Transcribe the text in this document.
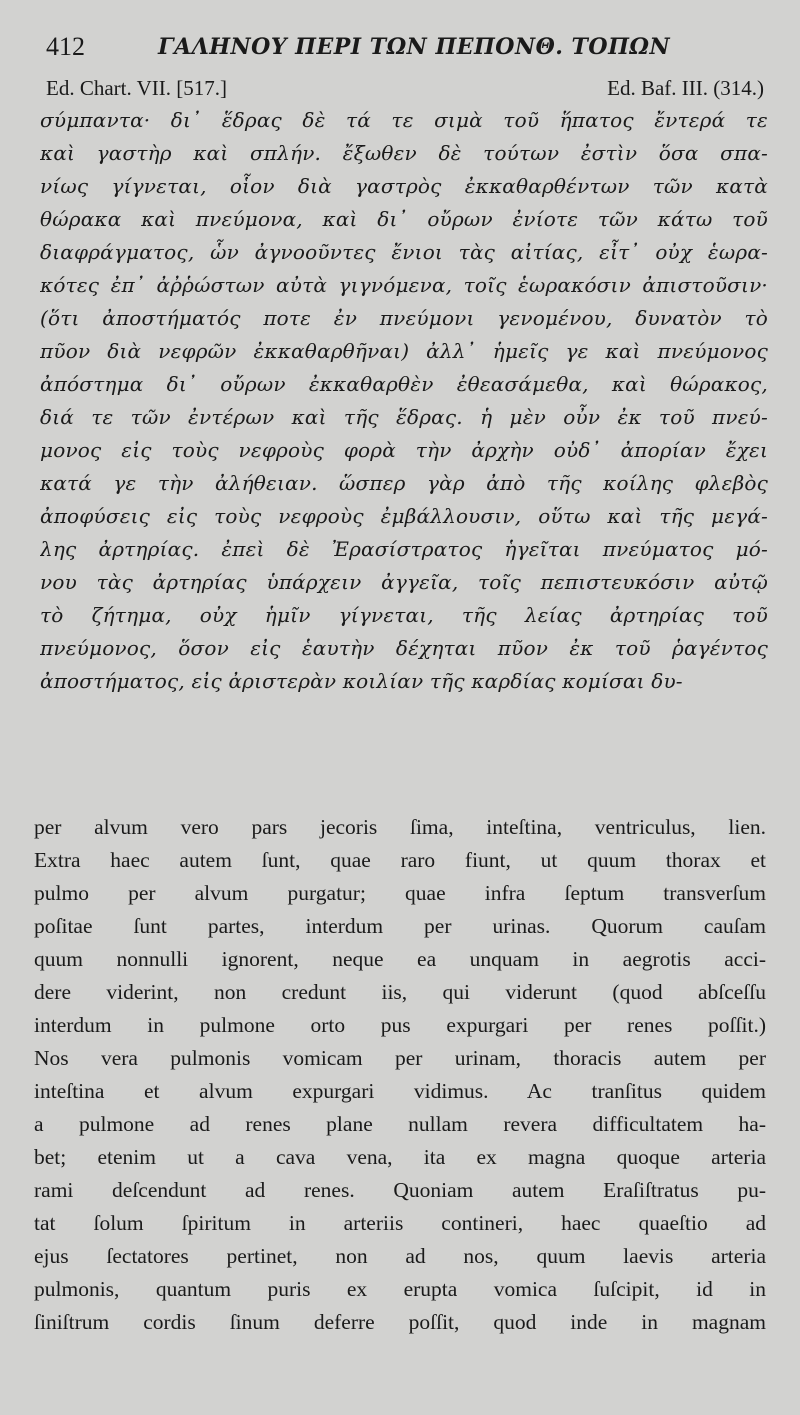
412	ΓΑΛΗΝΟΥ ΠΕΡΙ ΤΩΝ ΠΕΠΟΝΘ. ΤΟΠΩΝ
Ed. Chart. VII. [517.]	Ed. Baf. III. (314.)
σύμπαντα· δι᾿ ἕδρας δὲ τά τε σιμὰ τοῦ ἥπατος ἔντερά τε
καὶ γαστὴρ καὶ σπλήν. ἔξωθεν δὲ τούτων ἐστὶν ὅσα σπα-
νίως γίγνεται, οἷον διὰ γαστρὸς ἐκκαθαρθέντων τῶν κατὰ
θώρακα καὶ πνεύμονα, καὶ δι᾿ οὔρων ἐνίοτε τῶν κάτω τοῦ
διαφράγματος, ὧν ἀγνοοῦντες ἔνιοι τὰς αἰτίας, εἶτ᾿ οὐχ ἑωρα-
κότες ἐπ᾿ ἀῤῥώστων αὐτὰ γιγνόμενα, τοῖς ἑωρακόσιν ἀπιστοῦσιν·
(ὅτι ἀποστήματός ποτε ἐν πνεύμονι γενομένου, δυνατὸν τὸ
πῦον διὰ νεφρῶν ἐκκαθαρθῆναι) ἀλλ᾿ ἡμεῖς γε καὶ πνεύμονος
ἀπόστημα δι᾿ οὔρων ἐκκαθαρθὲν ἐθεασάμεθα, καὶ θώρακος,
διά τε τῶν ἐντέρων καὶ τῆς ἕδρας. ἡ μὲν οὖν ἐκ τοῦ πνεύ-
μονος εἰς τοὺς νεφροὺς φορὰ τὴν ἀρχὴν οὐδ᾿ ἀπορίαν ἔχει
κατά γε τὴν ἀλήθειαν. ὥσπερ γὰρ ἀπὸ τῆς κοίλης φλεβὸς
ἀποφύσεις εἰς τοὺς νεφροὺς ἐμβάλλουσιν, οὕτω καὶ τῆς μεγά-
λης ἀρτηρίας. ἐπεὶ δὲ Ἐρασίστρατος ἡγεῖται πνεύματος μό-
νου τὰς ἀρτηρίας ὑπάρχειν ἀγγεῖα, τοῖς πεπιστευκόσιν αὐτῷ
τὸ ζήτημα, οὐχ ἡμῖν γίγνεται, τῆς λείας ἀρτηρίας τοῦ
πνεύμονος, ὅσον εἰς ἑαυτὴν δέχηται πῦον ἐκ τοῦ ῥαγέντος
ἀποστήματος, εἰς ἀριστερὰν κοιλίαν τῆς καρδίας κομίσαι δυ-
per alvum vero pars jecoris ſima, inteſtina, ventriculus, lien.
Extra haec autem ſunt, quae raro fiunt, ut quum thorax et
pulmo per alvum purgatur; quae infra ſeptum transverſum
poſitae ſunt partes, interdum per urinas. Quorum cauſam
quum nonnulli ignorent, neque ea unquam in aegrotis acci-
dere viderint, non credunt iis, qui viderunt (quod abſceſſu
interdum in pulmone orto pus expurgari per renes poſſit.)
Nos vera pulmonis vomicam per urinam, thoracis autem per
inteſtina et alvum expurgari vidimus. Ac tranſitus quidem
a pulmone ad renes plane nullam revera difficultatem ha-
bet; etenim ut a cava vena, ita ex magna quoque arteria
rami deſcendunt ad renes. Quoniam autem Eraſiſtratus pu-
tat ſolum ſpiritum in arteriis contineri, haec quaeſtio ad
ejus ſectatores pertinet, non ad nos, quum laevis arteria
pulmonis, quantum puris ex erupta vomica ſuſcipit, id in
ſiniſtrum cordis ſinum deferre poſſit, quod inde in magnam
